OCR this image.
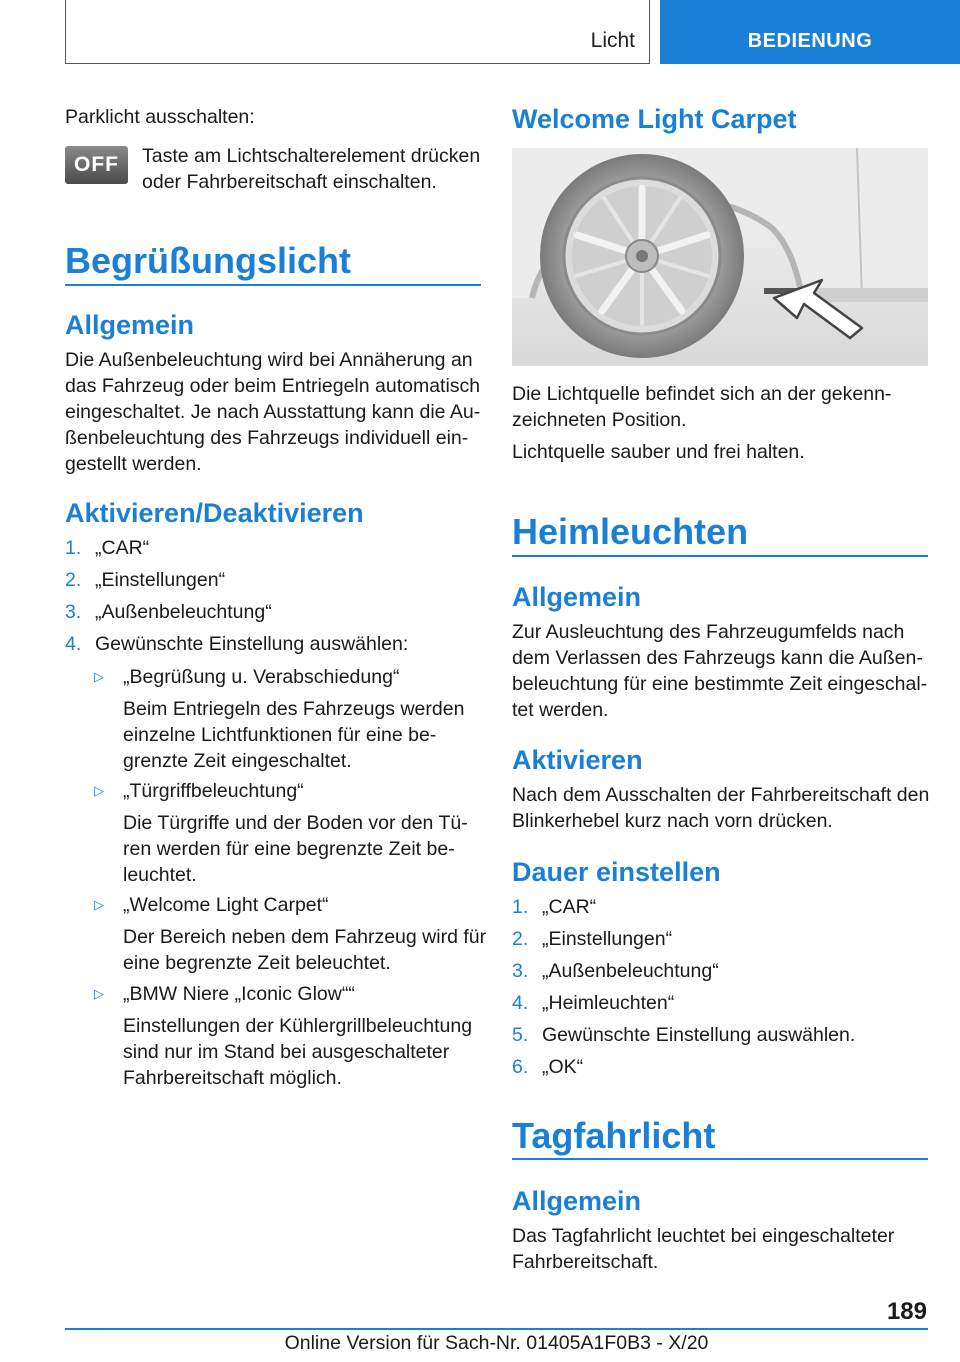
Licht	BEDIENUNG
Parklicht ausschalten:
OFF	Taste am Lichtschalterelement drücken
oder Fahrbereitschaft einschalten.
Begrüßungslicht
Allgemein
Die Außenbeleuchtung wird bei Annäherung an
das Fahrzeug oder beim Entriegeln automatisch
eingeschaltet. Je nach Ausstattung kann die Au‐
ßenbeleuchtung des Fahrzeugs individuell ein‐
gestellt werden.
Aktivieren/Deaktivieren
1. „CAR“
2. „Einstellungen“
3. „Außenbeleuchtung“
4. Gewünschte Einstellung auswählen:
▷ „Begrüßung u. Verabschiedung“
Beim Entriegeln des Fahrzeugs werden
einzelne Lichtfunktionen für eine be‐
grenzte Zeit eingeschaltet.
▷ „Türgriffbeleuchtung“
Die Türgriffe und der Boden vor den Tü‐
ren werden für eine begrenzte Zeit be‐
leuchtet.
▷ „Welcome Light Carpet“
Der Bereich neben dem Fahrzeug wird für
eine begrenzte Zeit beleuchtet.
▷ „BMW Niere „Iconic Glow““
Einstellungen der Kühlergrillbeleuchtung
sind nur im Stand bei ausgeschalteter
Fahrbereitschaft möglich.
Welcome Light Carpet
Die Lichtquelle befindet sich an der gekenn‐
zeichneten Position.
Lichtquelle sauber und frei halten.
Heimleuchten
Allgemein
Zur Ausleuchtung des Fahrzeugumfelds nach
dem Verlassen des Fahrzeugs kann die Außen‐
beleuchtung für eine bestimmte Zeit eingeschal‐
tet werden.
Aktivieren
Nach dem Ausschalten der Fahrbereitschaft den
Blinkerhebel kurz nach vorn drücken.
Dauer einstellen
1. „CAR“
2. „Einstellungen“
3. „Außenbeleuchtung“
4. „Heimleuchten“
5. Gewünschte Einstellung auswählen.
6. „OK“
Tagfahrlicht
Allgemein
Das Tagfahrlicht leuchtet bei eingeschalteter
Fahrbereitschaft.
189
Online Version für Sach-Nr. 01405A1F0B3 - X/20
